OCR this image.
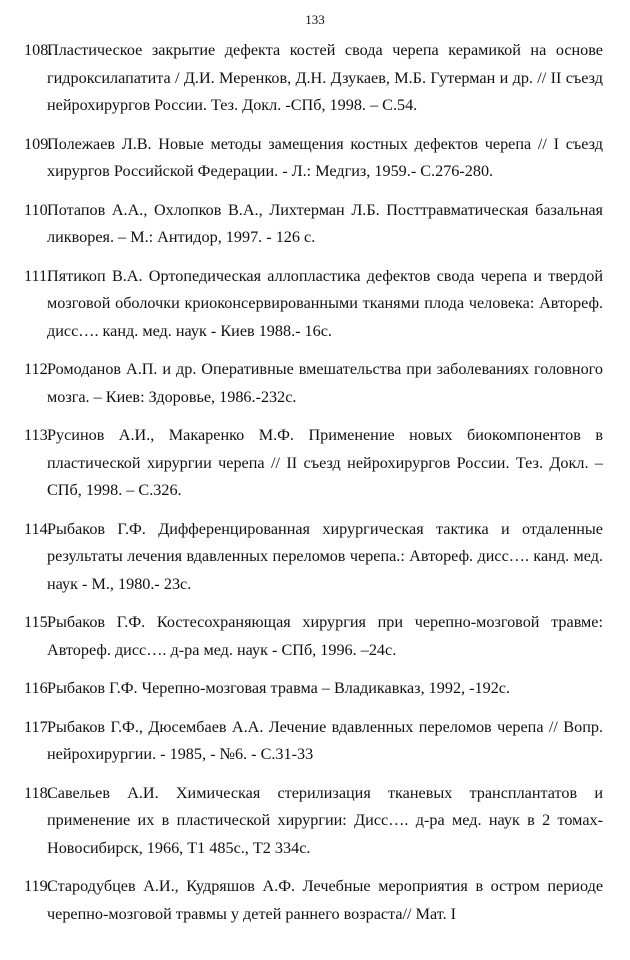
133
108.
Пластическое закрытие дефекта костей свода черепа керамикой на основе гидроксилапатита / Д.И. Меренков, Д.Н. Дзукаев, М.Б. Гутерман и др. // II съезд нейрохирургов России. Тез. Докл. -СПб, 1998. – С.54.
109.
Полежаев Л.В. Новые методы замещения костных дефектов черепа // I съезд хирургов Российской Федерации. - Л.: Медгиз, 1959.- С.276-280.
110.
Потапов А.А., Охлопков В.А., Лихтерман Л.Б. Посттравматическая базальная ликворея. – М.: Антидор, 1997. - 126 с.
111.
Пятикоп В.А. Ортопедическая аллопластика дефектов свода черепа и твердой мозговой оболочки криоконсервированными тканями плода человека: Автореф. дисс…. канд. мед. наук - Киев 1988.- 16с.
112.
Ромоданов А.П. и др. Оперативные вмешательства при заболеваниях головного мозга. – Киев: Здоровье, 1986.-232с.
113.
Русинов А.И., Макаренко М.Ф. Применение новых биокомпонентов в пластической хирургии черепа // II съезд нейрохирургов России. Тез. Докл. – СПб, 1998. – С.326.
114.
Рыбаков Г.Ф. Дифференцированная хирургическая тактика и отдаленные результаты лечения вдавленных переломов черепа.: Автореф. дисс…. канд. мед. наук - М., 1980.- 23с.
115.
Рыбаков Г.Ф. Костесохраняющая хирургия при черепно-мозговой травме: Автореф. дисс…. д-ра мед. наук - СПб, 1996. –24с.
116.
Рыбаков Г.Ф. Черепно-мозговая травма – Владикавказ, 1992, -192с.
117.
Рыбаков Г.Ф., Дюсембаев А.А. Лечение вдавленных переломов черепа // Вопр. нейрохирургии. - 1985, - №6. - С.31-33
118.
Савельев А.И. Химическая стерилизация тканевых трансплантатов и применение их в пластической хирургии: Дисс…. д-ра мед. наук в 2 томах- Новосибирск, 1966, Т1 485с., Т2 334с.
119.
Стародубцев А.И., Кудряшов А.Ф. Лечебные мероприятия в остром периоде черепно-мозговой травмы у детей раннего возраста// Мат. I
